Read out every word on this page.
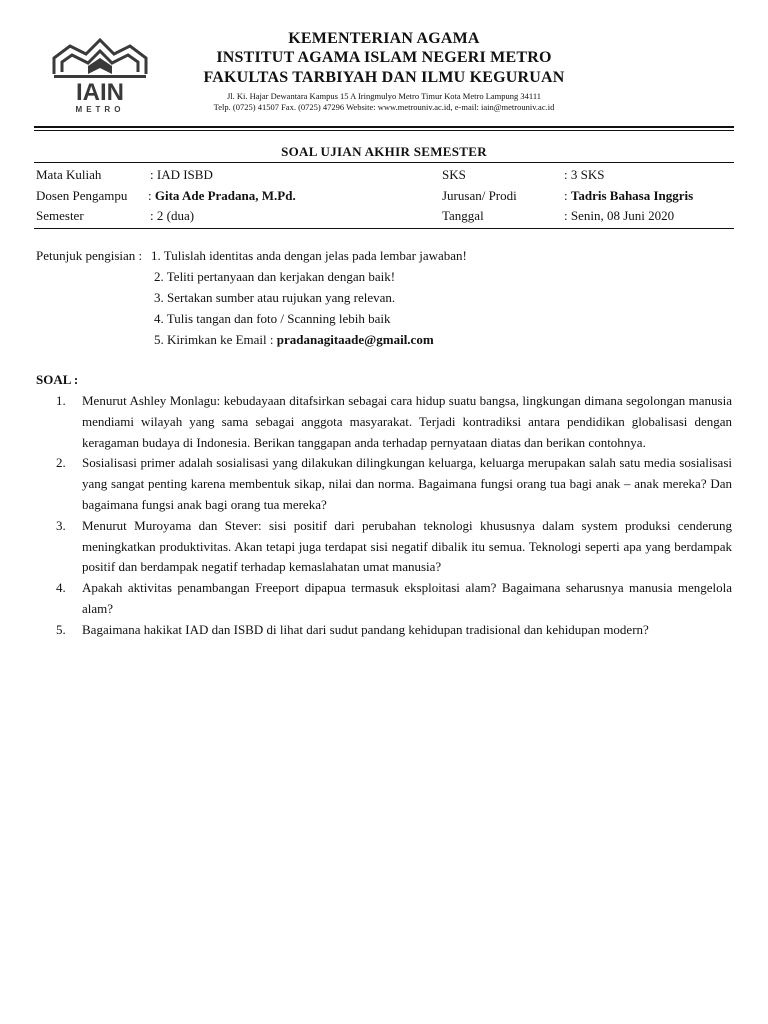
IAIN
METRO
KEMENTERIAN AGAMA
INSTITUT AGAMA ISLAM NEGERI METRO
FAKULTAS TARBIYAH DAN ILMU KEGURUAN
Jl. Ki. Hajar Dewantara Kampus 15 A Iringmulyo Metro Timur Kota Metro Lampung 34111
Telp. (0725) 41507 Fax. (0725) 47296 Website: www.metrouniv.ac.id, e-mail: iain@metrouniv.ac.id
SOAL UJIAN AKHIR SEMESTER
Mata Kuliah	: IAD ISBD	SKS	: 3 SKS
Dosen Pengampu : Gita Ade Pradana, M.Pd.	Jurusan/ Prodi	: Tadris Bahasa Inggris
Semester	: 2 (dua)	Tanggal	: Senin, 08 Juni 2020
Petunjuk pengisian : 1. Tulislah identitas anda dengan jelas pada lembar jawaban!
2. Teliti pertanyaan dan kerjakan dengan baik!
3. Sertakan sumber atau rujukan yang relevan.
4. Tulis tangan dan foto / Scanning lebih baik
5. Kirimkan ke Email : pradanagitaade@gmail.com
SOAL :

1. Menurut Ashley Monlagu: kebudayaan ditafsirkan sebagai cara hidup suatu bangsa, lingkungan dimana segolongan manusia mendiami wilayah yang sama sebagai anggota masyarakat. Terjadi kontradiksi antara pendidikan globalisasi dengan keragaman budaya di Indonesia. Berikan tanggapan anda terhadap pernyataan diatas dan berikan contohnya.

2. Sosialisasi primer adalah sosialisasi yang dilakukan dilingkungan keluarga, keluarga merupakan salah satu media sosialisasi yang sangat penting karena membentuk sikap, nilai dan norma. Bagaimana fungsi orang tua bagi anak – anak mereka? Dan bagaimana fungsi anak bagi orang tua mereka?

3. Menurut Muroyama dan Stever: sisi positif dari perubahan teknologi khususnya dalam system produksi cenderung meningkatkan produktivitas. Akan tetapi juga terdapat sisi negatif dibalik itu semua. Teknologi seperti apa yang berdampak positif dan berdampak negatif terhadap kemaslahatan umat manusia?

4. Apakah aktivitas penambangan Freeport dipapua termasuk eksploitasi alam? Bagaimana seharusnya manusia mengelola alam?

5. Bagaimana hakikat IAD dan ISBD di lihat dari sudut pandang kehidupan tradisional dan kehidupan modern?
